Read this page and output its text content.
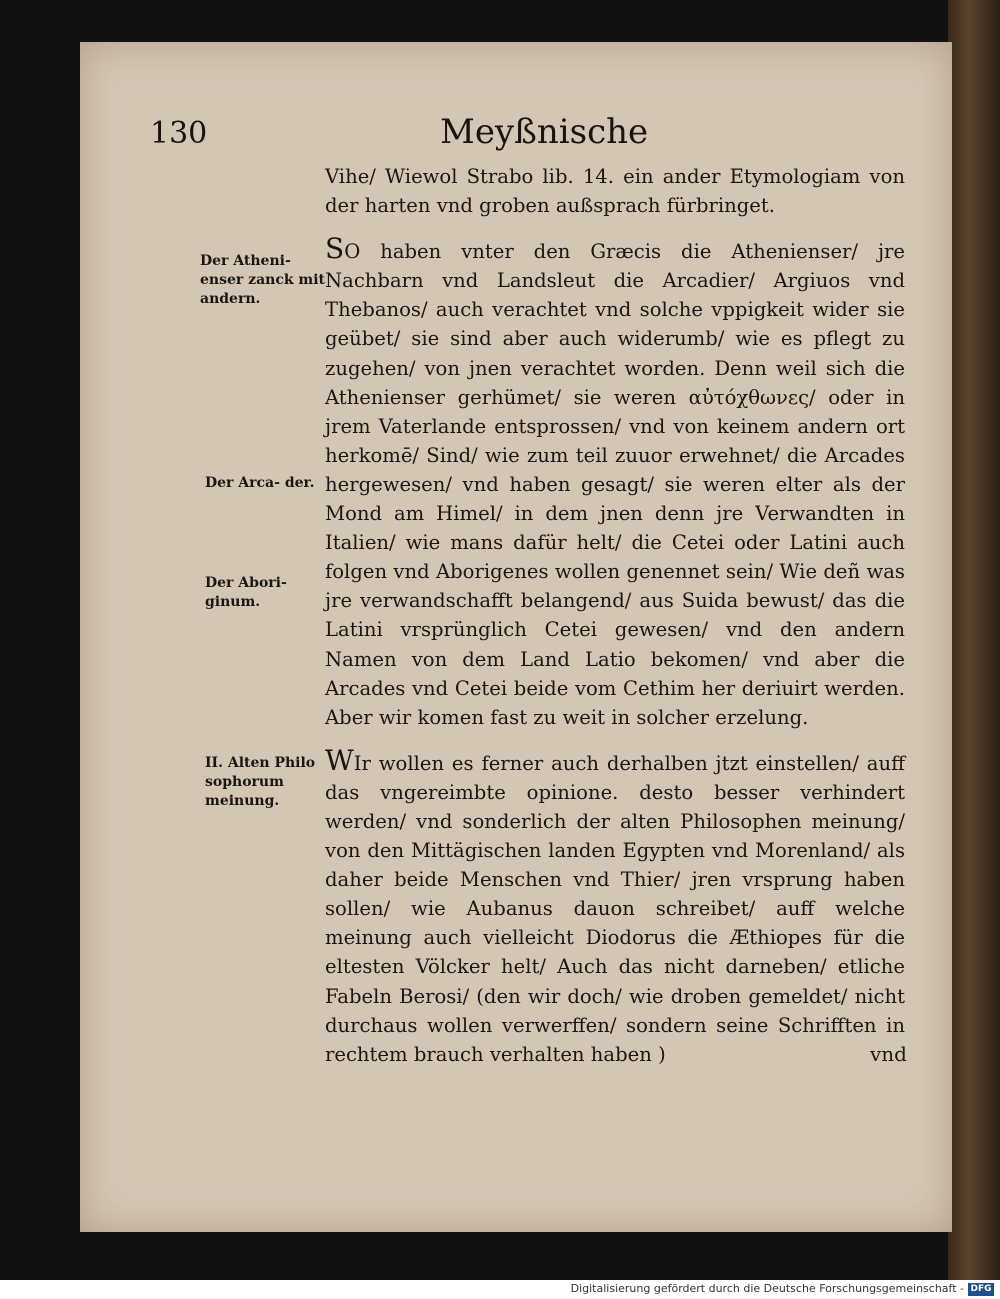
130	Meyßnische
Der Atheni- enser zanck mit andern.
Der Arca- der.
Der Abori- ginum.
II. Alten Philo sophorum meinung.

Vihe/ Wiewol Strabo lib. 14. ein ander Etymologiam von der harten vnd groben außsprach fürbringet.

SO haben vnter den Græcis die Athenienser/ jre Nachbarn vnd Landsleut die Arcadier/ Argiuos vnd Thebanos/ auch verachtet vnd solche vppigkeit wider sie geübet/ sie sind aber auch widerumb/ wie es pflegt zu zugehen/ von jnen verachtet worden. Denn weil sich die Athenienser gerhümet/ sie weren αὐτόχθωνες/ oder in jrem Vaterlande entsprossen/ vnd von keinem andern ort herkomē/ Sind/ wie zum teil zuuor erwehnet/ die Arcades hergewesen/ vnd haben gesagt/ sie weren elter als der Mond am Himel/ in dem jnen denn jre Verwandten in Italien/ wie mans dafür helt/ die Cetei oder Latini auch folgen vnd Aborigenes wollen genennet sein/ Wie deñ was jre verwandschafft belangend/ aus Suida bewust/ das die Latini vrsprünglich Cetei gewesen/ vnd den andern Namen von dem Land Latio bekomen/ vnd aber die Arcades vnd Cetei beide vom Cethim her deriuirt werden. Aber wir komen fast zu weit in solcher erzelung.

WIr wollen es ferner auch derhalben jtzt einstellen/ auff das vngereimbte opinione. desto besser verhindert werden/ vnd sonderlich der alten Philosophen meinung/ von den Mittägischen landen Egypten vnd Morenland/ als daher beide Menschen vnd Thier/ jren vrsprung haben sollen/ wie Aubanus dauon schreibet/ auff welche meinung auch vielleicht Diodorus die Æthiopes für die eltesten Völcker helt/ Auch das nicht darneben/ etliche Fabeln Berosi/ (den wir doch/ wie droben gemeldet/ nicht durchaus wollen verwerffen/ sondern seine Schrifften in rechtem brauch verhalten haben )	vnd
Digitalisierung gefördert durch die Deutsche Forschungsgemeinschaft - DFG
